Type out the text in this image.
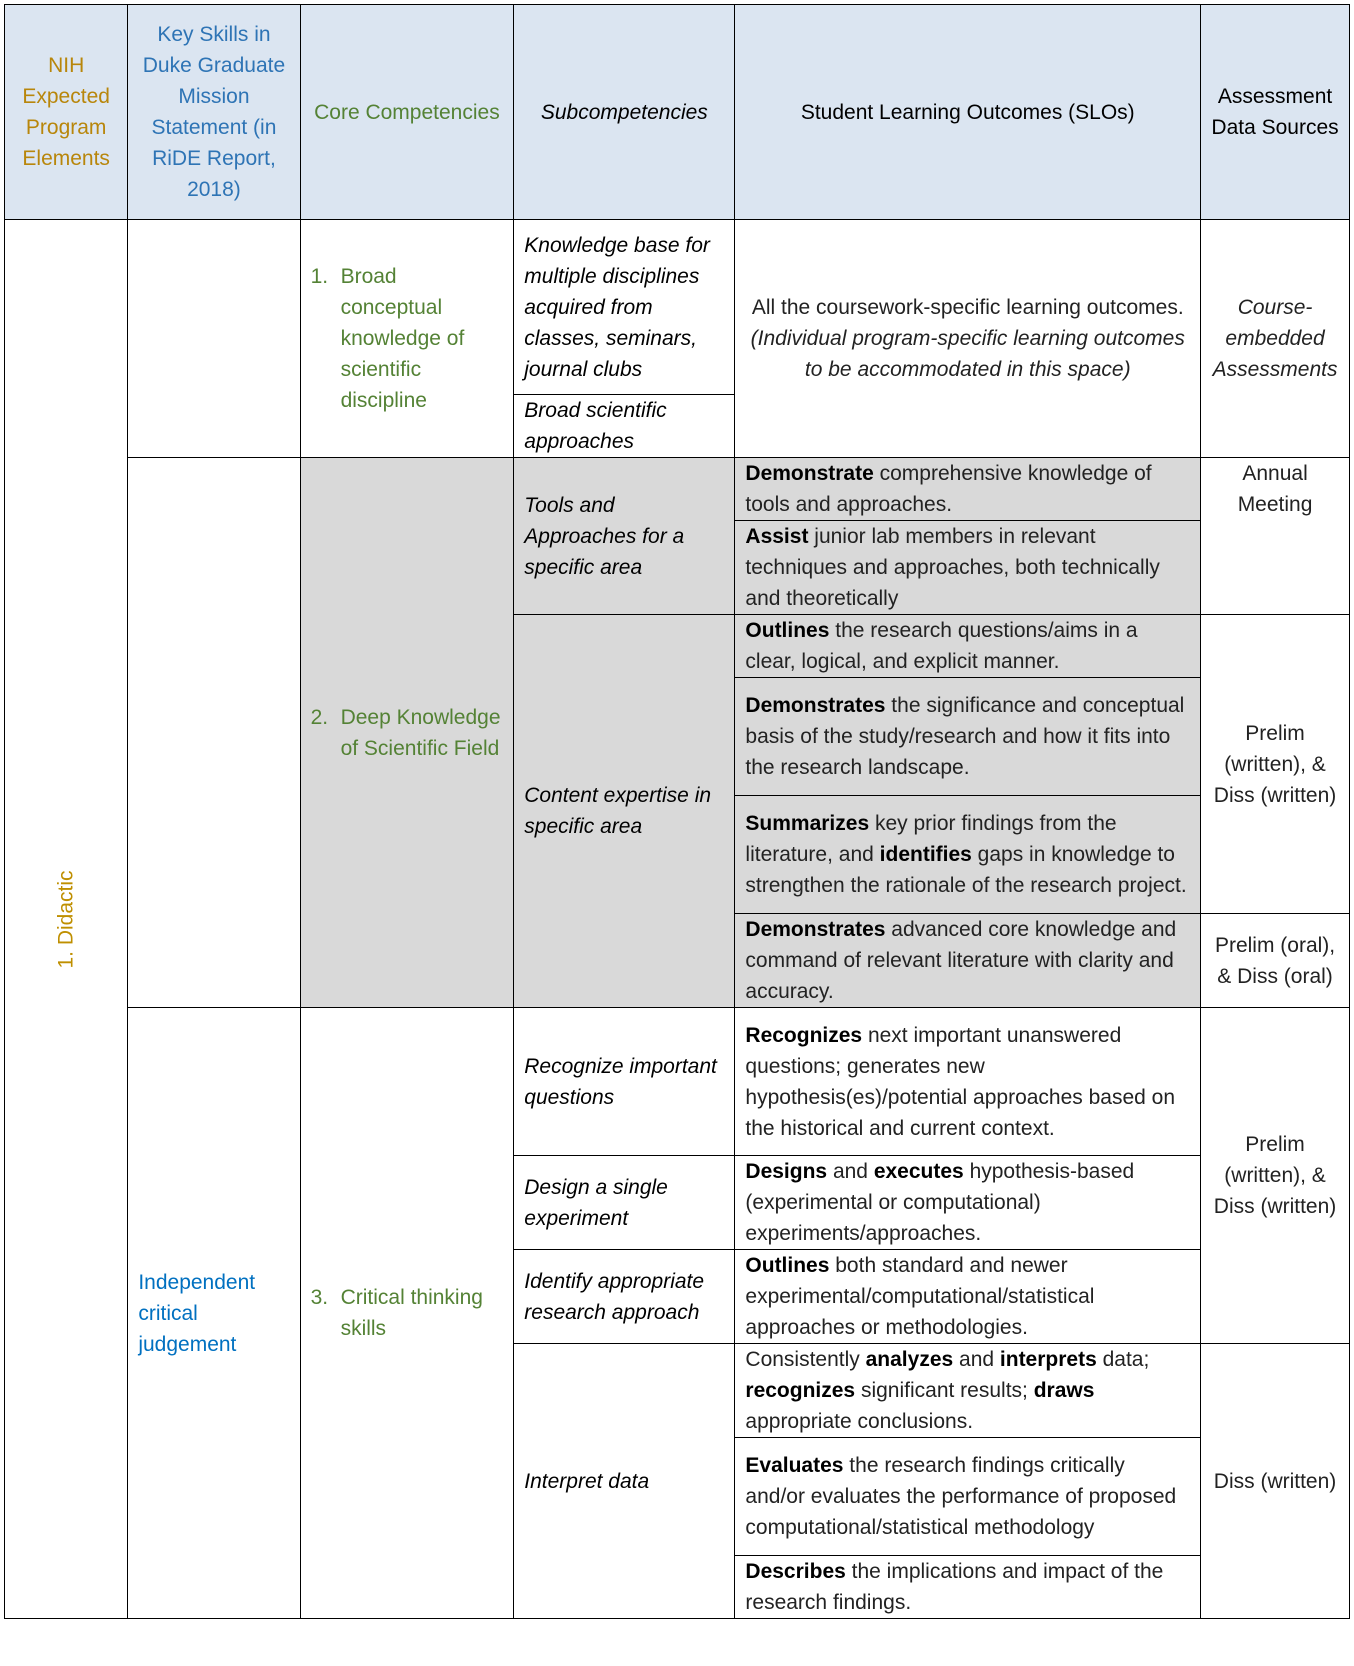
NIH Expected Program Elements	Key Skills in Duke Graduate Mission Statement (in RiDE Report, 2018)	Core Competencies	Subcompetencies	Student Learning Outcomes (SLOs)	Assessment Data Sources
1. Didactic		1. Broad conceptual knowledge of scientific discipline	Knowledge base for multiple disciplines acquired from classes, seminars, journal clubs	All the coursework-specific learning outcomes.
(Individual program-specific learning outcomes to be accommodated in this space)	Course-embedded Assessments
			Broad scientific approaches		
		2. Deep Knowledge of Scientific Field	Tools and Approaches for a specific area	Demonstrate comprehensive knowledge of tools and approaches.	Annual Meeting
				Assist junior lab members in relevant techniques and approaches, both technically and theoretically	
			Content expertise in specific area	Outlines the research questions/aims in a clear, logical, and explicit manner.	Prelim (written), & Diss (written)
				Demonstrates the significance and conceptual basis of the study/research and how it fits into the research landscape.	
				Summarizes key prior findings from the literature, and identifies gaps in knowledge to strengthen the rationale of the research project.	
				Demonstrates advanced core knowledge and command of relevant literature with clarity and accuracy.	Prelim (oral), & Diss (oral)
	Independent critical judgement	3. Critical thinking skills	Recognize important questions	Recognizes next important unanswered questions; generates new hypothesis(es)/potential approaches based on the historical and current context.	Prelim (written), & Diss (written)
			Design a single experiment	Designs and executes hypothesis-based (experimental or computational) experiments/approaches.	
			Identify appropriate research approach	Outlines both standard and newer experimental/computational/statistical approaches or methodologies.	
			Interpret data	Consistently analyzes and interprets data; recognizes significant results; draws appropriate conclusions.	Diss (written)
				Evaluates the research findings critically and/or evaluates the performance of proposed computational/statistical methodology	
				Describes the implications and impact of the research findings.	
